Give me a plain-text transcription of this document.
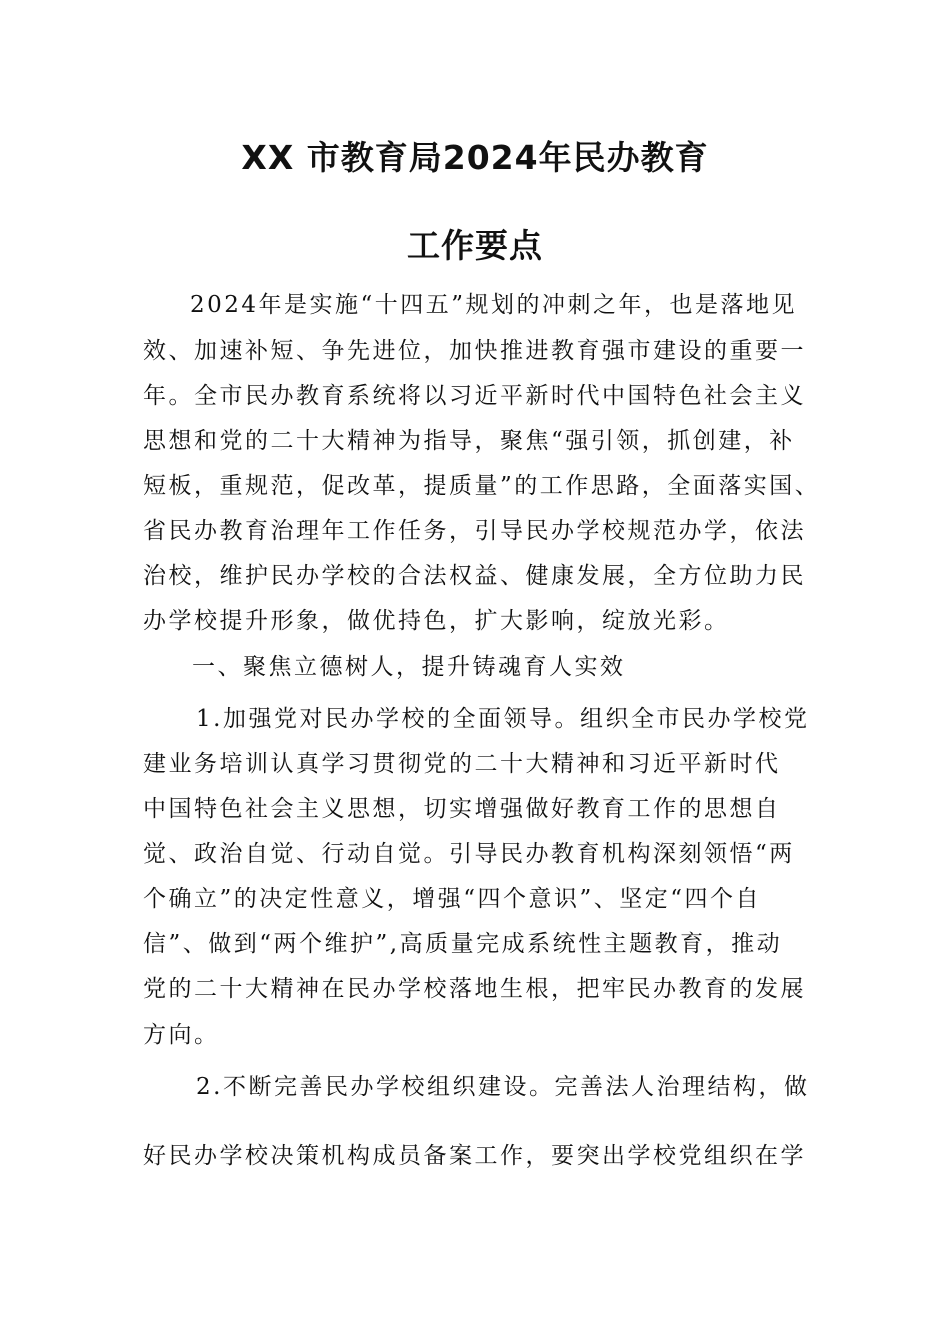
XX 市教育局2024年民办教育
工作要点
2024年是实施“十四五”规划的冲刺之年，也是落地见
效、加速补短、争先进位，加快推进教育强市建设的重要一
年。全市民办教育系统将以习近平新时代中国特色社会主义
思想和党的二十大精神为指导，聚焦“强引领，抓创建，补
短板，重规范，促改革，提质量”的工作思路，全面落实国、
省民办教育治理年工作任务，引导民办学校规范办学，依法
治校，维护民办学校的合法权益、健康发展，全方位助力民
办学校提升形象，做优持色，扩大影响，绽放光彩。
一、聚焦立德树人，提升铸魂育人实效
1.加强党对民办学校的全面领导。组织全市民办学校党
建业务培训认真学习贯彻党的二十大精神和习近平新时代
中国特色社会主义思想，切实增强做好教育工作的思想自
觉、政治自觉、行动自觉。引导民办教育机构深刻领悟“两
个确立”的决定性意义，增强“四个意识”、坚定“四个自
信”、做到“两个维护”,高质量完成系统性主题教育，推动
党的二十大精神在民办学校落地生根，把牢民办教育的发展
方向。
2.不断完善民办学校组织建设。完善法人治理结构，做
好民办学校决策机构成员备案工作，要突出学校党组织在学
